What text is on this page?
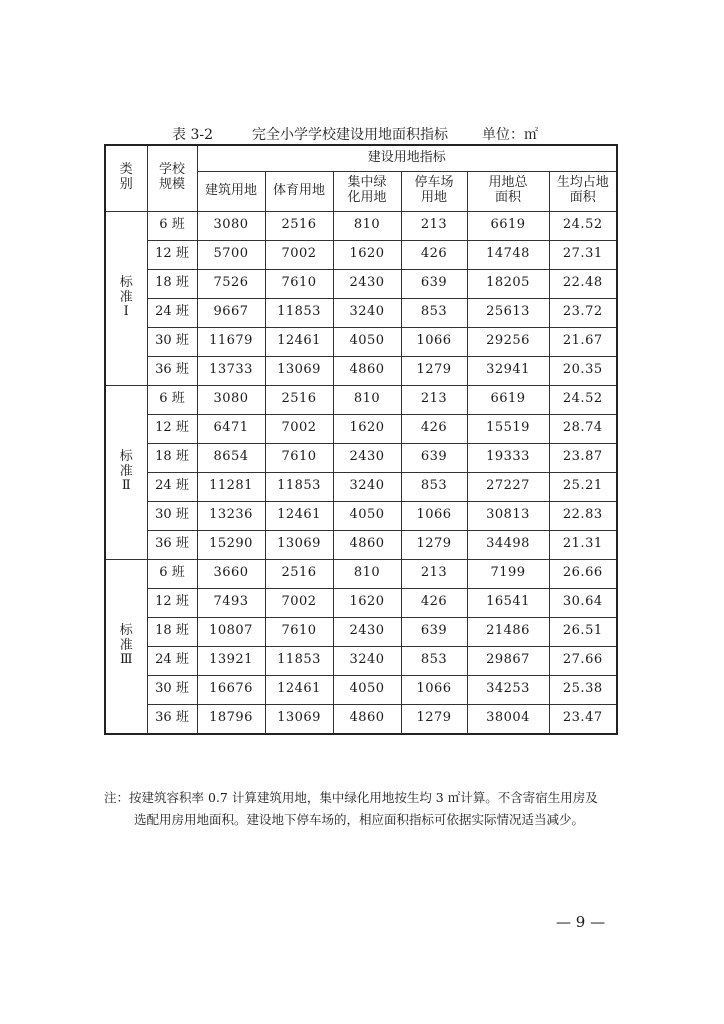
表 3-2	完全小学学校建设用地面积指标 单位：㎡
类别	学校规模	建设用地指标					
		建筑用地	体育用地	集中绿化用地	停车场用地	用地总面积	生均占地面积

标
准
Ⅰ	6 班	3080	2516	810	213	6619	24.52
	12 班	5700	7002	1620	426	14748	27.31
	18 班	7526	7610	2430	639	18205	22.48
	24 班	9667	11853	3240	853	25613	23.72
	30 班	11679	12461	4050	1066	29256	21.67
	36 班	13733	13069	4860	1279	32941	20.35

标
准
Ⅱ	6 班	3080	2516	810	213	6619	24.52
	12 班	6471	7002	1620	426	15519	28.74
	18 班	8654	7610	2430	639	19333	23.87
	24 班	11281	11853	3240	853	27227	25.21
	30 班	13236	12461	4050	1066	30813	22.83
	36 班	15290	13069	4860	1279	34498	21.31

标
准
Ⅲ	6 班	3660	2516	810	213	7199	26.66
	12 班	7493	7002	1620	426	16541	30.64
	18 班	10807	7610	2430	639	21486	26.51
	24 班	13921	11853	3240	853	29867	27.66
	30 班	16676	12461	4050	1066	34253	25.38
	36 班	18796	13069	4860	1279	38004	23.47
注：按建筑容积率 0.7 计算建筑用地，集中绿化用地按生均 3 ㎡计算。不含寄宿生用房及
选配用房用地面积。建设地下停车场的，相应面积指标可依据实际情况适当减少。
— 9 —
